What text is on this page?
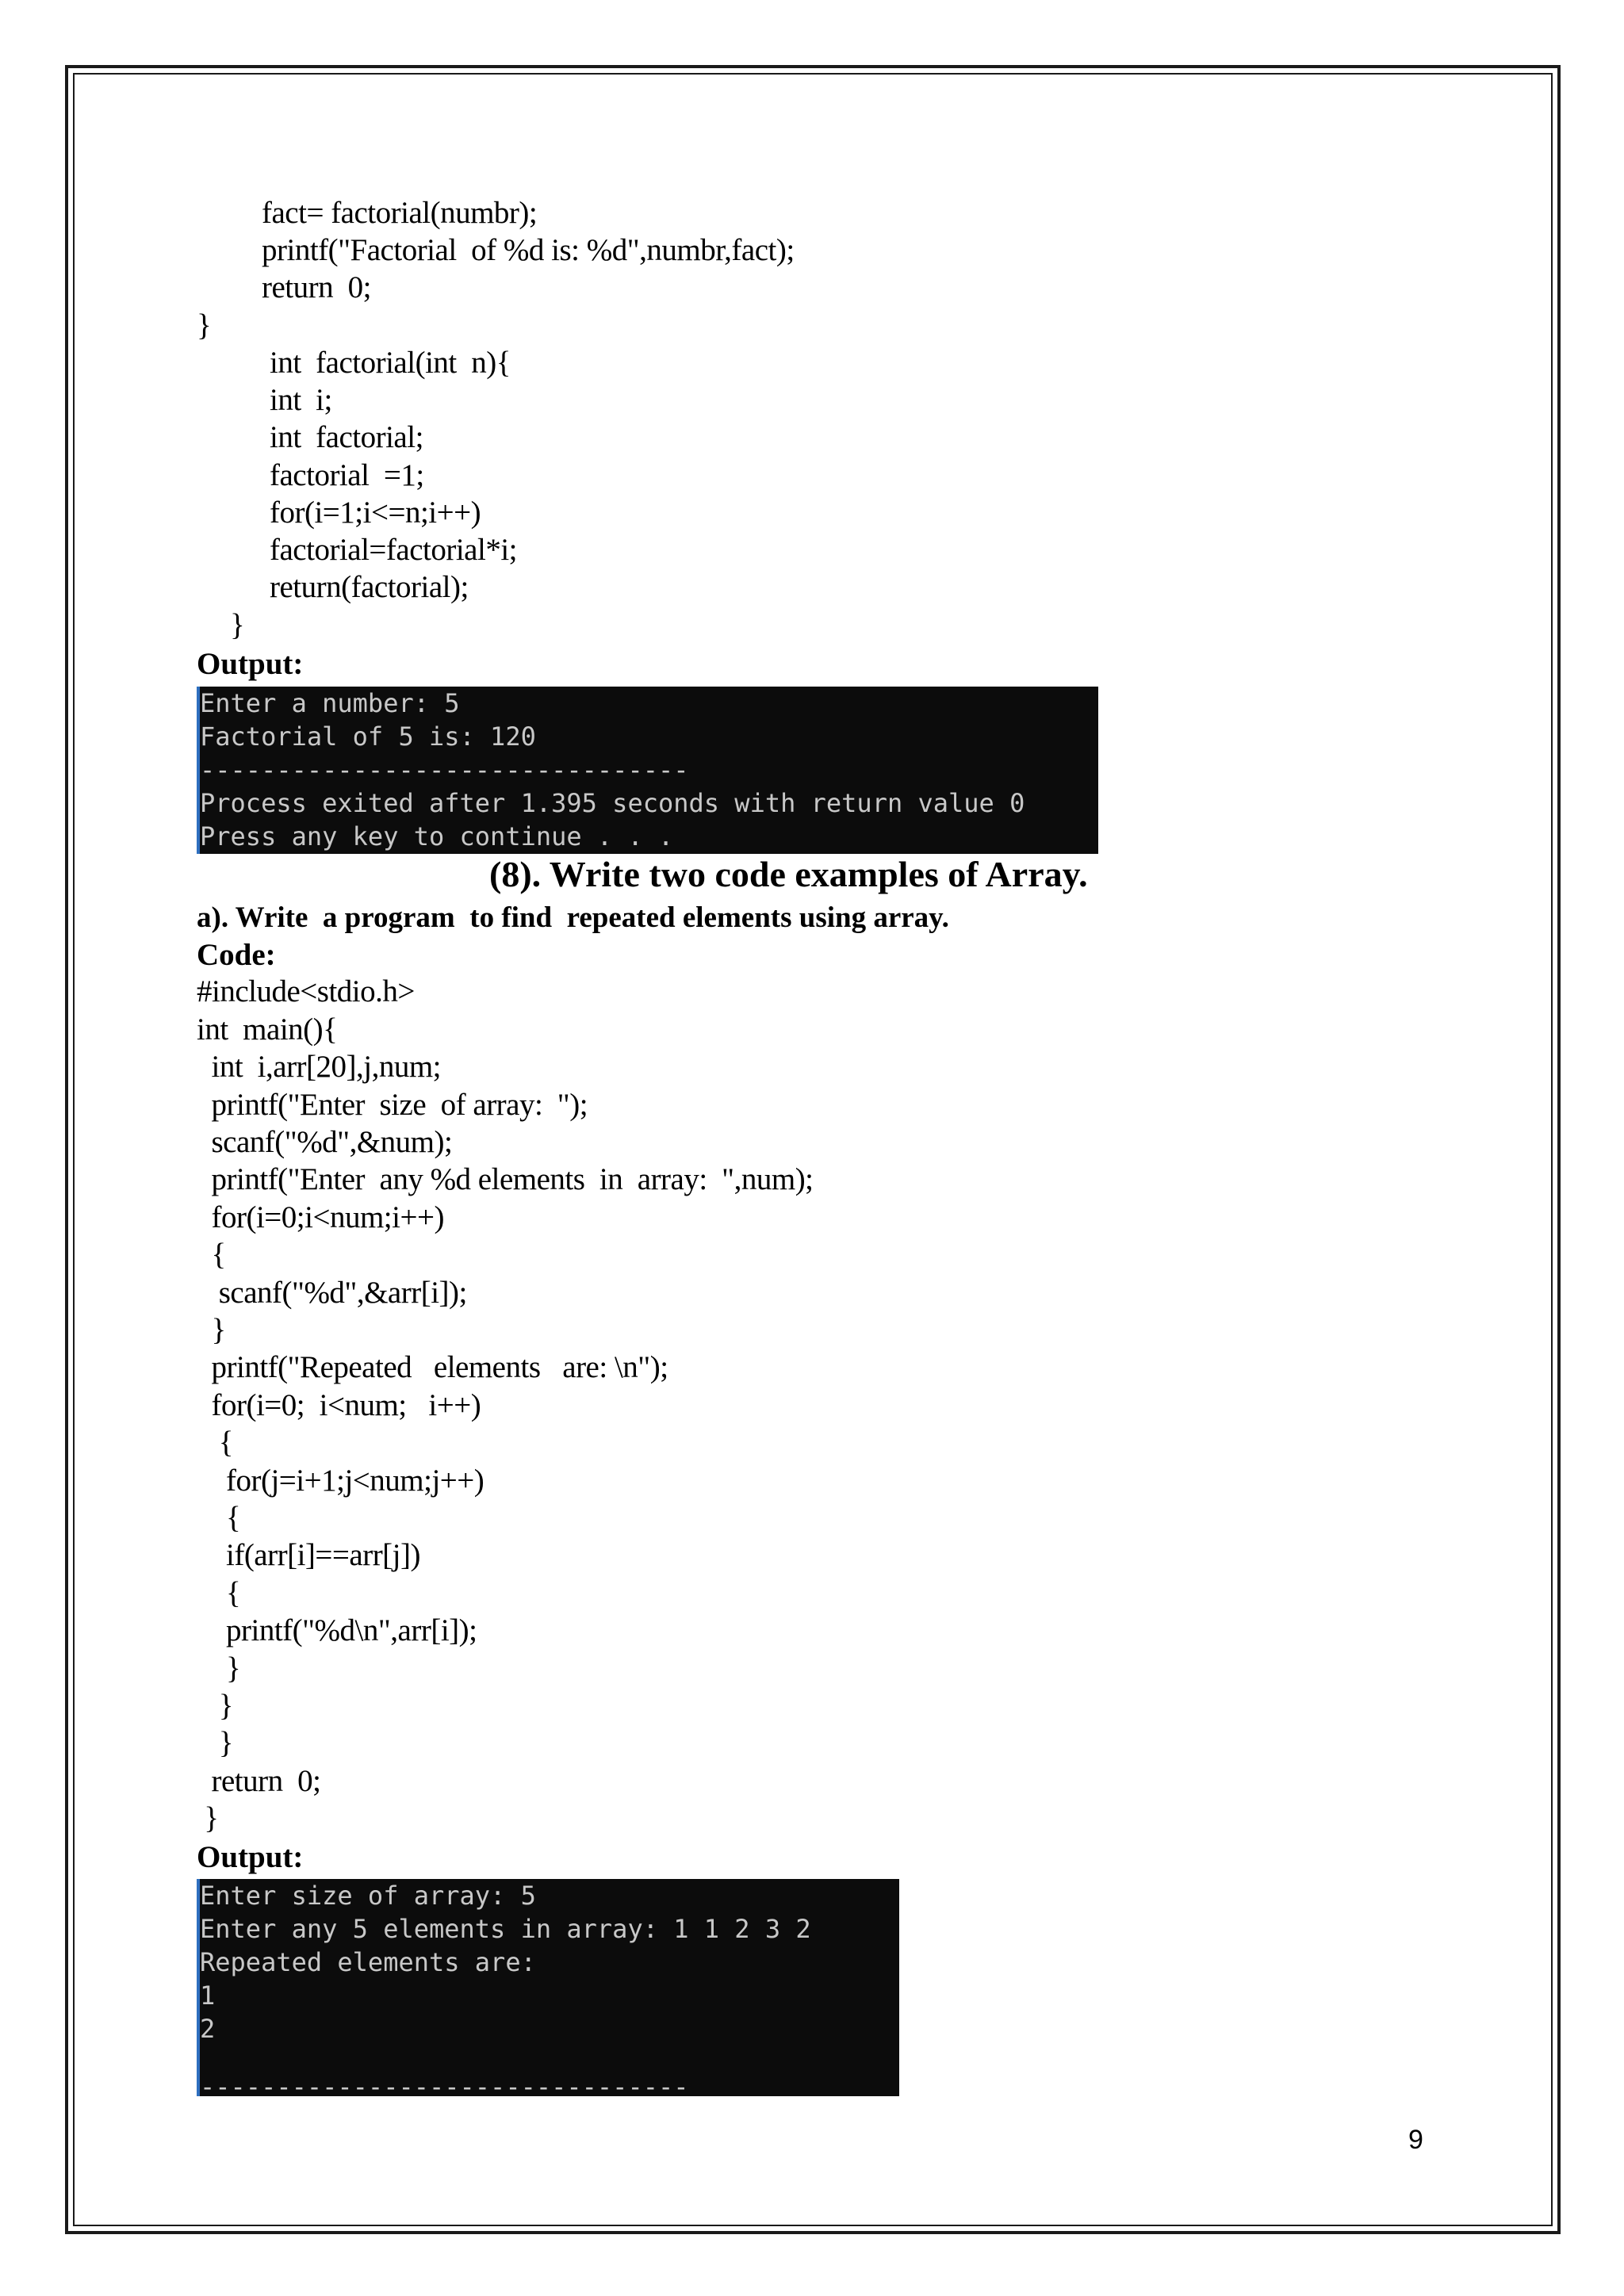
fact= factorial(numbr);
printf("Factorial  of %d is: %d",numbr,fact);
return  0;
}
int  factorial(int  n){
int  i;
int  factorial;
factorial  =1;
for(i=1;i<=n;i++)
factorial=factorial*i;
return(factorial);
}
Output:
Enter a number: 5
Factorial of 5 is: 120
--------------------------------
Process exited after 1.395 seconds with return value 0
Press any key to continue . . .
(8). Write two code examples of Array.
a). Write  a program  to find  repeated elements using array.
Code:
#include<stdio.h>
int  main(){
int  i,arr[20],j,num;
printf("Enter  size  of array:  ");
scanf("%d",&num);
printf("Enter  any %d elements  in  array:  ",num);
for(i=0;i<num;i++)
{
scanf("%d",&arr[i]);
}
printf("Repeated   elements   are: \n");
for(i=0;  i<num;   i++)
{
for(j=i+1;j<num;j++)
{
if(arr[i]==arr[j])
{
printf("%d\n",arr[i]);
}
}
}
return  0;
}
Output:
Enter size of array: 5
Enter any 5 elements in array: 1 1 2 3 2
Repeated elements are:
1
2
--------------------------------
9
